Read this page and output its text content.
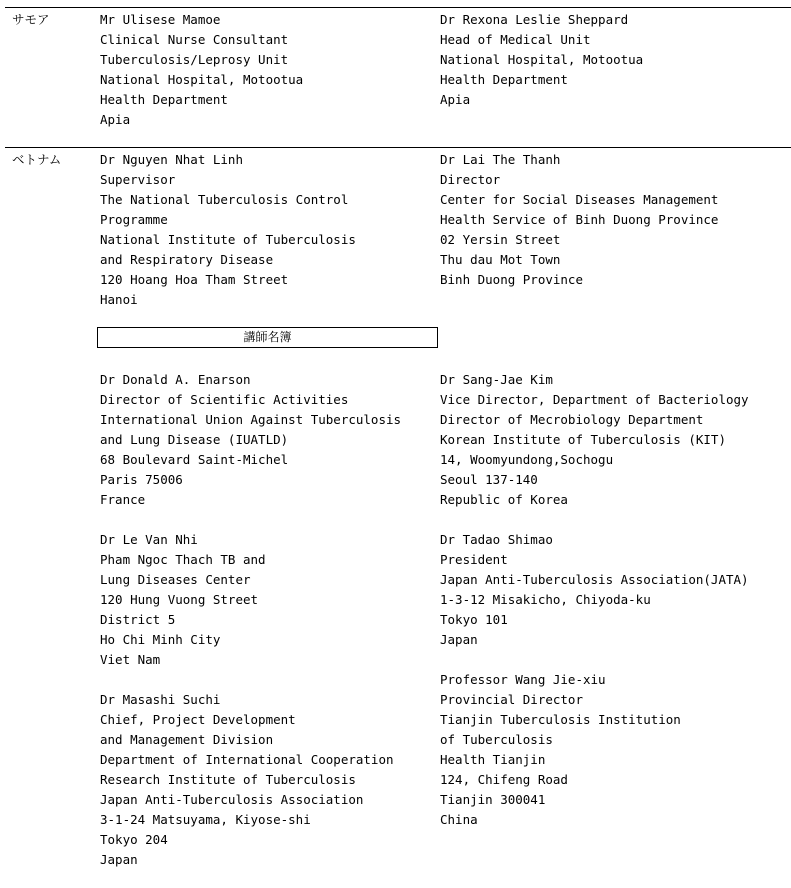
サモア	Mr Ulisese Mamoe
Clinical Nurse Consultant
Tuberculosis/Leprosy Unit
National Hospital, Motootua
Health Department
Apia
Dr Rexona Leslie Sheppard
Head of Medical Unit
National Hospital, Motootua
Health Department
Apia
ベトナム	Dr Nguyen Nhat Linh
Supervisor
The National Tuberculosis Control
Programme
National Institute of Tuberculosis
and Respiratory Disease
120 Hoang Hoa Tham Street
Hanoi
Dr Lai The Thanh
Director
Center for Social Diseases Management
Health Service of Binh Duong Province
02 Yersin Street
Thu dau Mot Town
Binh Duong Province
講師名簿
Dr Donald A. Enarson
Director of Scientific Activities
International Union Against Tuberculosis
and Lung Disease (IUATLD)
68 Boulevard Saint-Michel
Paris 75006
France
Dr Sang-Jae Kim
Vice Director, Department of Bacteriology
Director of Mecrobiology Department
Korean Institute of Tuberculosis (KIT)
14, Woomyundong,Sochogu
Seoul 137-140
Republic of Korea
Dr Le Van Nhi
Pham Ngoc Thach TB and
Lung Diseases Center
120 Hung Vuong Street
District 5
Ho Chi Minh City
Viet Nam
Dr Tadao Shimao
President
Japan Anti-Tuberculosis Association(JATA)
1-3-12 Misakicho, Chiyoda-ku
Tokyo 101
Japan
Dr Masashi Suchi
Chief, Project Development
and Management Division
Department of International Cooperation
Research Institute of Tuberculosis
Japan Anti-Tuberculosis Association
3-1-24 Matsuyama, Kiyose-shi
Tokyo 204
Japan
Professor Wang Jie-xiu
Provincial Director
Tianjin Tuberculosis Institution
of Tuberculosis
Health Tianjin
124, Chifeng Road
Tianjin 300041
China
